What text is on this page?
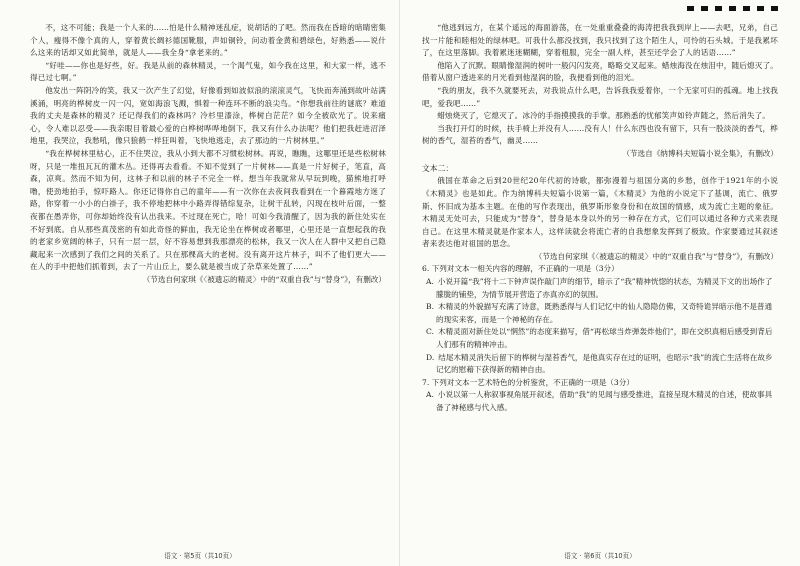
不，这不可能；我是一个人来的……怕是什么精神迷乱症，说胡话的了吧。然而我在昏暗的暗睛密集个人，瘦得不像个真的人，穿着黄长绸衫德国靴服，声如铜铃，问动着金黄和碧绿色，好熟悉——说什么这来的话却又如此简单，就是人——我全身“拿老来的。”

“好哇——你也是好些，好。我是从前的森林精灵，一个渴气鬼，如今我在这里，和大家一样，逃不得已过七啊。”

他发出一阵阴冷的笑，我又一次产生了幻觉，好像看到如波似浪的滚滚灵气，飞快而奔涌到故叶站满溪涌，明亮的桦树皮一闪一闪，宽如海浪飞溅，惧着一种连环不断的浪尖鸟。“你想我前往的谜底？难道我的丈夫是森林的精灵？还记得我们的森林吗？冷杉里漆涂，桦树白茫茫？如今全被砍光了。说来痛心，令人难以忍受——我亲眼目着最心爱的白桦树哗哗地倒下，我又有什么办法呢？他们把我赶进沼泽地里，我哭泣，我愁吼，像只狼鹤一样狂叫着，飞快地逃走，去了那边的一片树林里。”

“我在桦树林里枯心，正不住哭泣，我从小到大都不习惯松树林。再说，瞧瞧，这哪里还是些松树林呀，只是一堆扭瓦瓦的灌木丛。还得再去看看。不知不觉到了一片树林——真是一片好树子，笔直，高森，凉爽。然而不知为何，这林子和以前的林子不完全一样。想当年我就常从早玩到晚，猫熊地打呼噜，使劲地拍手，惊吓路人。你还记得你自己的童年——有一次你在去夜间我看到在一个暮霞地方迷了路，你穿着一小小的白褂子，我不停地把林中小路弄得错综复杂，让树干乱转，闪现在枝叶后面，一整夜都在愚弄你，可你却始终没有认出我来。不过现在死亡，哈！可如今我清醒了，因为我的新住处实在不好到底。自从那些真茂密的有如此奇怪的鲜血，我无论坐在桦树或者哪里，心里还是一直想起我的我的老家乡宽阔的林子，只有一层一层，好不容易想到我那漂亮的松林，我又一次人在人群中又把自己隐藏起来一次感到了我们之间的关系了。只在那棵高大的老树。没有离开这片林子，叫不了他们更大——在人的手中把他们抓着到，去了一片山丘上，要么就是被当成了杂草来处置了……”

（节选自何家琪《〈被遗忘的精灵〉中的“双重自我”与“替身”》，有删改）

语文 · 第5页（共10页）

“他逃到远方，在某个遥远的海面游荡，在一处重重叠叠的海涛把我我到岸上——去吧，兄弟，自己找一片能和睦相处的绿林吧。可我什么都没找到，我只找到了这个陌生人，可怜的石头城。于是我累坏了，在这里落脚。我着累迷迷糊糊，穿着粗服，完全一副人样，甚至还学会了人的话语……”

他陷入了沉默。眼睛像湿润的树叶一般闪闪发亮，略略交叉起来。蜡烛海没在烛泪中，随后熄灭了。借着从窗户透进来的月光看到他湿润的脸，我便看到他的泪光。

“我的朋友，我不久就要死去，对我说点什么吧，告诉我我爱着你，一个无家可归的孤魂。地上找我吧，爱我吧……”

蜡烛烧灭了，它熄灭了。冰冷的手指摸摸我的手掌。那熟悉的忧郁笑声如铃声随之，然后消失了。

当我打开灯的时候，扶手椅上并没有人……没有人！什么东西也没有留下，只有一股淡淡的香气，桦树的香气，湿苔的香气，幽灵……

（节选自《纳博科夫短篇小说全集》，有删改）

文本二：

俄国在革命之后到20世纪20年代初的诗歌，都弥漫着与祖国分离的乡愁，创作于1921年的小说《木精灵》也是如此。作为纳博科夫短篇小说第一篇，《木精灵》为他的小说定下了基调，流亡、俄罗斯、怀旧成为基本主题。在他的写作表现出，俄罗斯形象身份和在故国的情感，成为流亡主题的象征。木精灵无处可去，只能成为“替身”，替身是本身以外的另一种存在方式，它们可以通过各种方式来表现自己。在这里木精灵就是作家本人，这样读就会将流亡者的自我想象发挥到了极致。作家要通过其叙述者来表达他对祖国的思念。

（节选自何家琪《〈被遗忘的精灵〉中的“双重自我”与“替身”》，有删改）

6. 下列对文本一相关内容的理解，不正确的一项是（3分）

A. 小说开篇“我”将十二下钟声误作敲门声的细节，暗示了“我”精神恍惚的状态，为精灵下文的出场作了朦胧的铺垫，为情节展开营造了亦真亦幻的氛围。

B. 木精灵的外貌描写充满了诗意，既熟悉得与人们记忆中的仙人隐隐仿佛，又奇特诡异暗示他不是普通的现实来客，而是一个神秘的存在。

C. 木精灵面对新住处以“惘然”的态度来描写，借“再松球当炸弹轰炸他们”，即在交织真相后感受到背后人们那有的精神冲击。

D. 结尾木精灵消失后留下的桦树与湿苔香气，是他真实存在过的证明，也昭示“我”的流亡生活将在故乡记忆的慰藉下获得新的精神自由。

7. 下列对文本一艺术特色的分析鉴赏，不正确的一项是（3分）

A. 小说以第一人称叙事视角展开叙述，借助“我”的见闻与感受推进，直接呈现木精灵的自述，使故事具备了神秘感与代入感。

语文 · 第6页（共10页）
